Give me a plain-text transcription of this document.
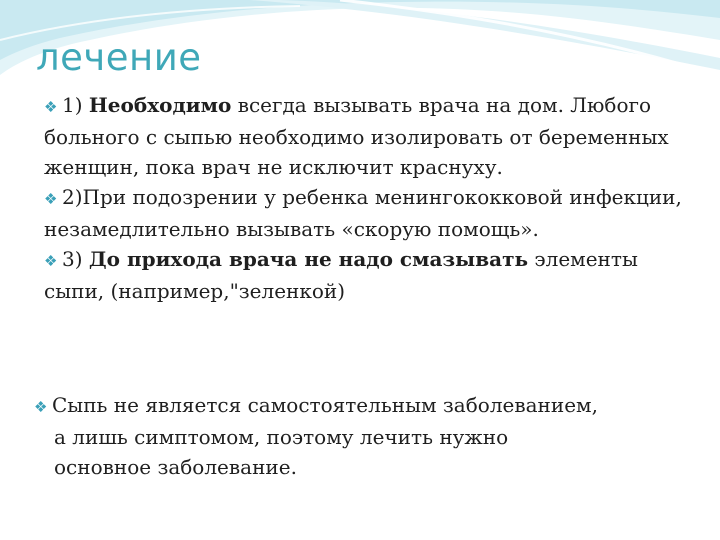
лечение

❖ 1) Необходимо всегда вызывать врача на дом. Любого больного с сыпью необходимо изолировать от беременных женщин, пока врач не исключит краснуху.

❖ 2)При подозрении у ребенка менингококковой инфекции, незамедлительно вызывать «скорую помощь».

❖ 3) До прихода врача не надо смазывать элементы сыпи, (например,"зеленкой)

❖ Сыпь не является самостоятельным заболеванием,
а лишь симптомом, поэтому лечить нужно
основное заболевание.
